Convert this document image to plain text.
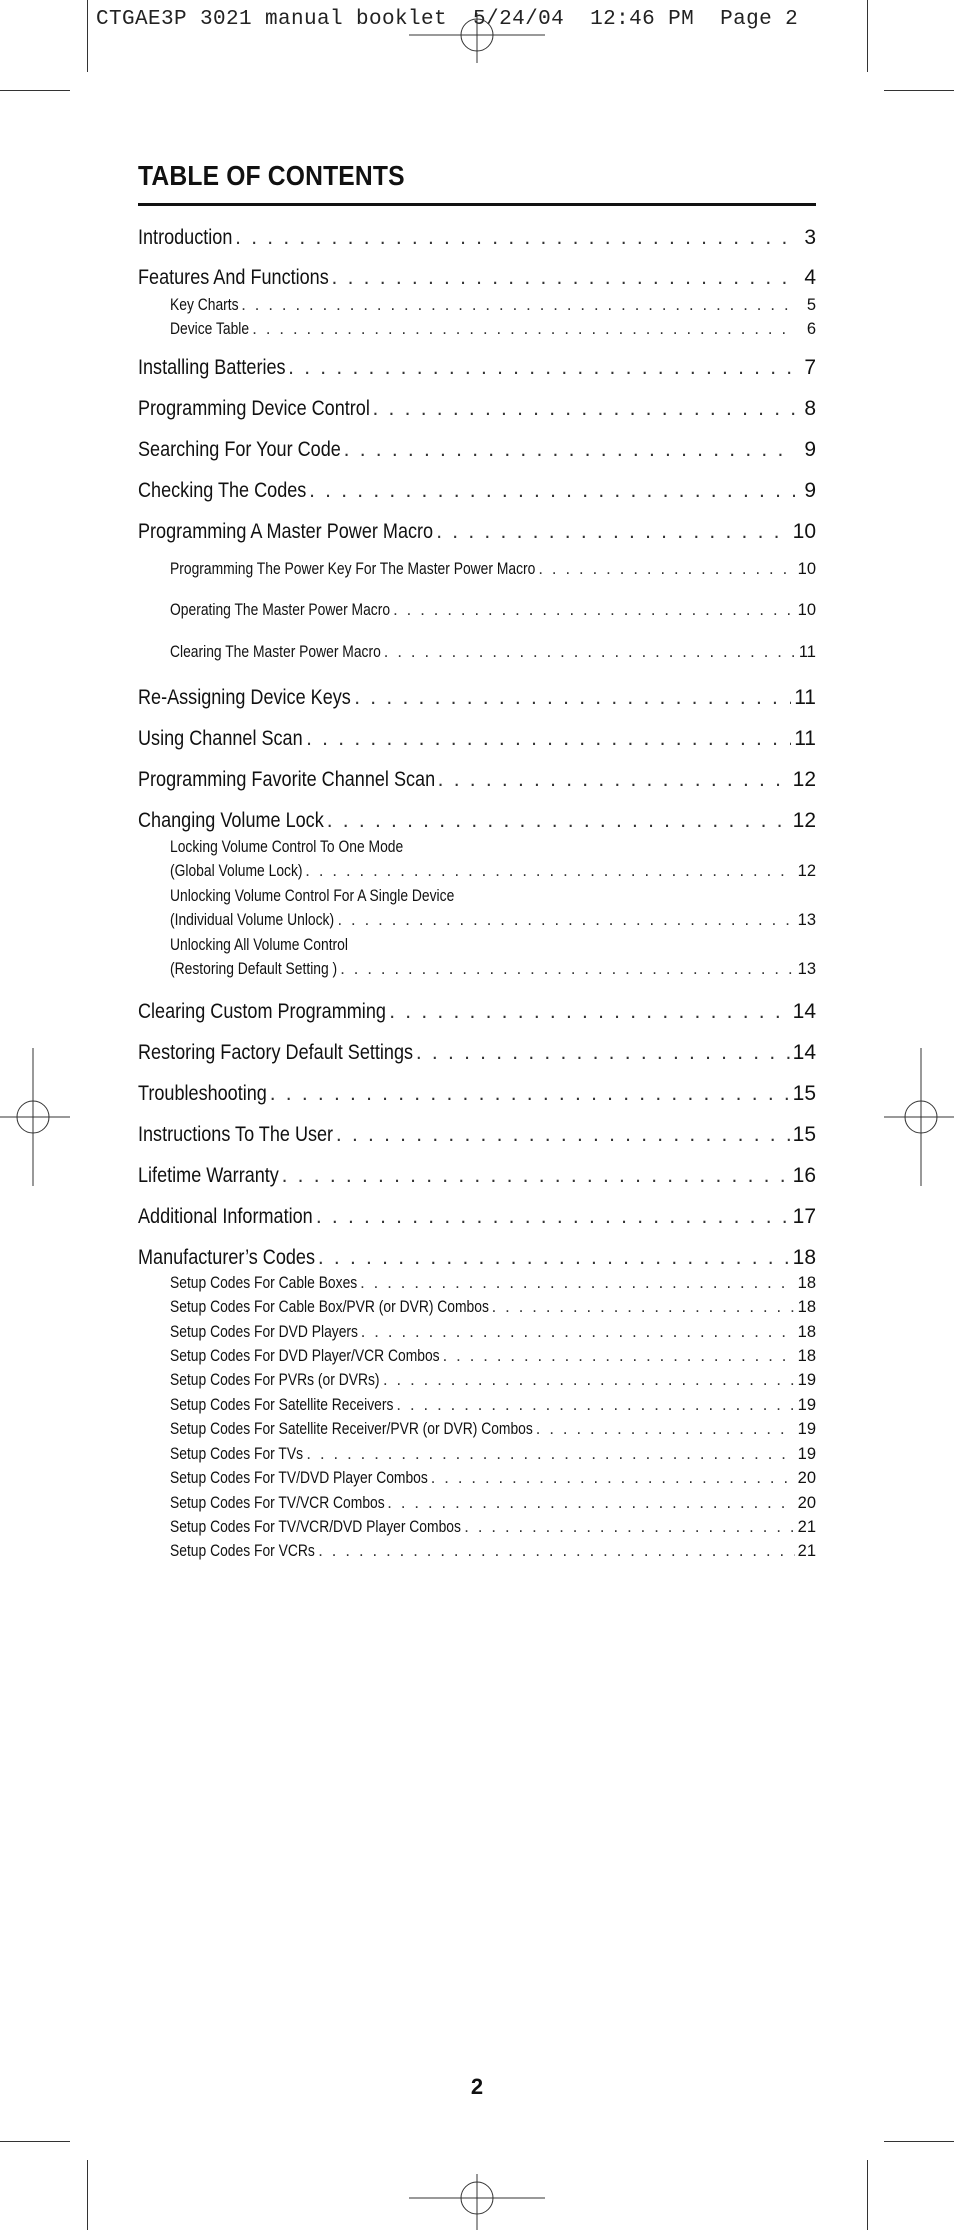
CTGAE3P 3021 manual booklet  5/24/04  12:46 PM  Page 2
TABLE OF CONTENTS
Introduction . . .	3
Features And Functions . . .	4
Key Charts . . .	5
Device Table . . .	6
Installing Batteries . . .	7
Programming Device Control . . .	8
Searching For Your Code . . .	9
Checking The Codes . . .	9
Programming A Master Power Macro . . .	10
Programming The Power Key For The Master Power Macro . . .	10
Operating The Master Power Macro . . .	10
Clearing The Master Power Macro . . .	11
Re-Assigning Device Keys . . .	11
Using Channel Scan . . .	11
Programming Favorite Channel Scan . . .	12
Changing Volume Lock . . .	12
Locking Volume Control To One Mode
(Global Volume Lock) . . .	12
Unlocking Volume Control For A Single Device
(Individual Volume Unlock) . . .	13
Unlocking All Volume Control
(Restoring Default Setting ) . . .	13
Clearing Custom Programming . . .	14
Restoring Factory Default Settings . . .	14
Troubleshooting . . .	15
Instructions To The User . . .	15
Lifetime Warranty . . .	16
Additional Information . . .	17
Manufacturer’s Codes . . .	18
Setup Codes For Cable Boxes . . .	18
Setup Codes For Cable Box/PVR (or DVR) Combos . . .	18
Setup Codes For DVD Players . . .	18
Setup Codes For DVD Player/VCR Combos . . .	18
Setup Codes For PVRs (or DVRs) . . .	19
Setup Codes For Satellite Receivers . . .	19
Setup Codes For Satellite Receiver/PVR (or DVR) Combos . . .	19
Setup Codes For TVs . . .	19
Setup Codes For TV/DVD Player Combos . . .	20
Setup Codes For TV/VCR Combos . . .	20
Setup Codes For TV/VCR/DVD Player Combos . . .	21
Setup Codes For VCRs . . .	21
2
